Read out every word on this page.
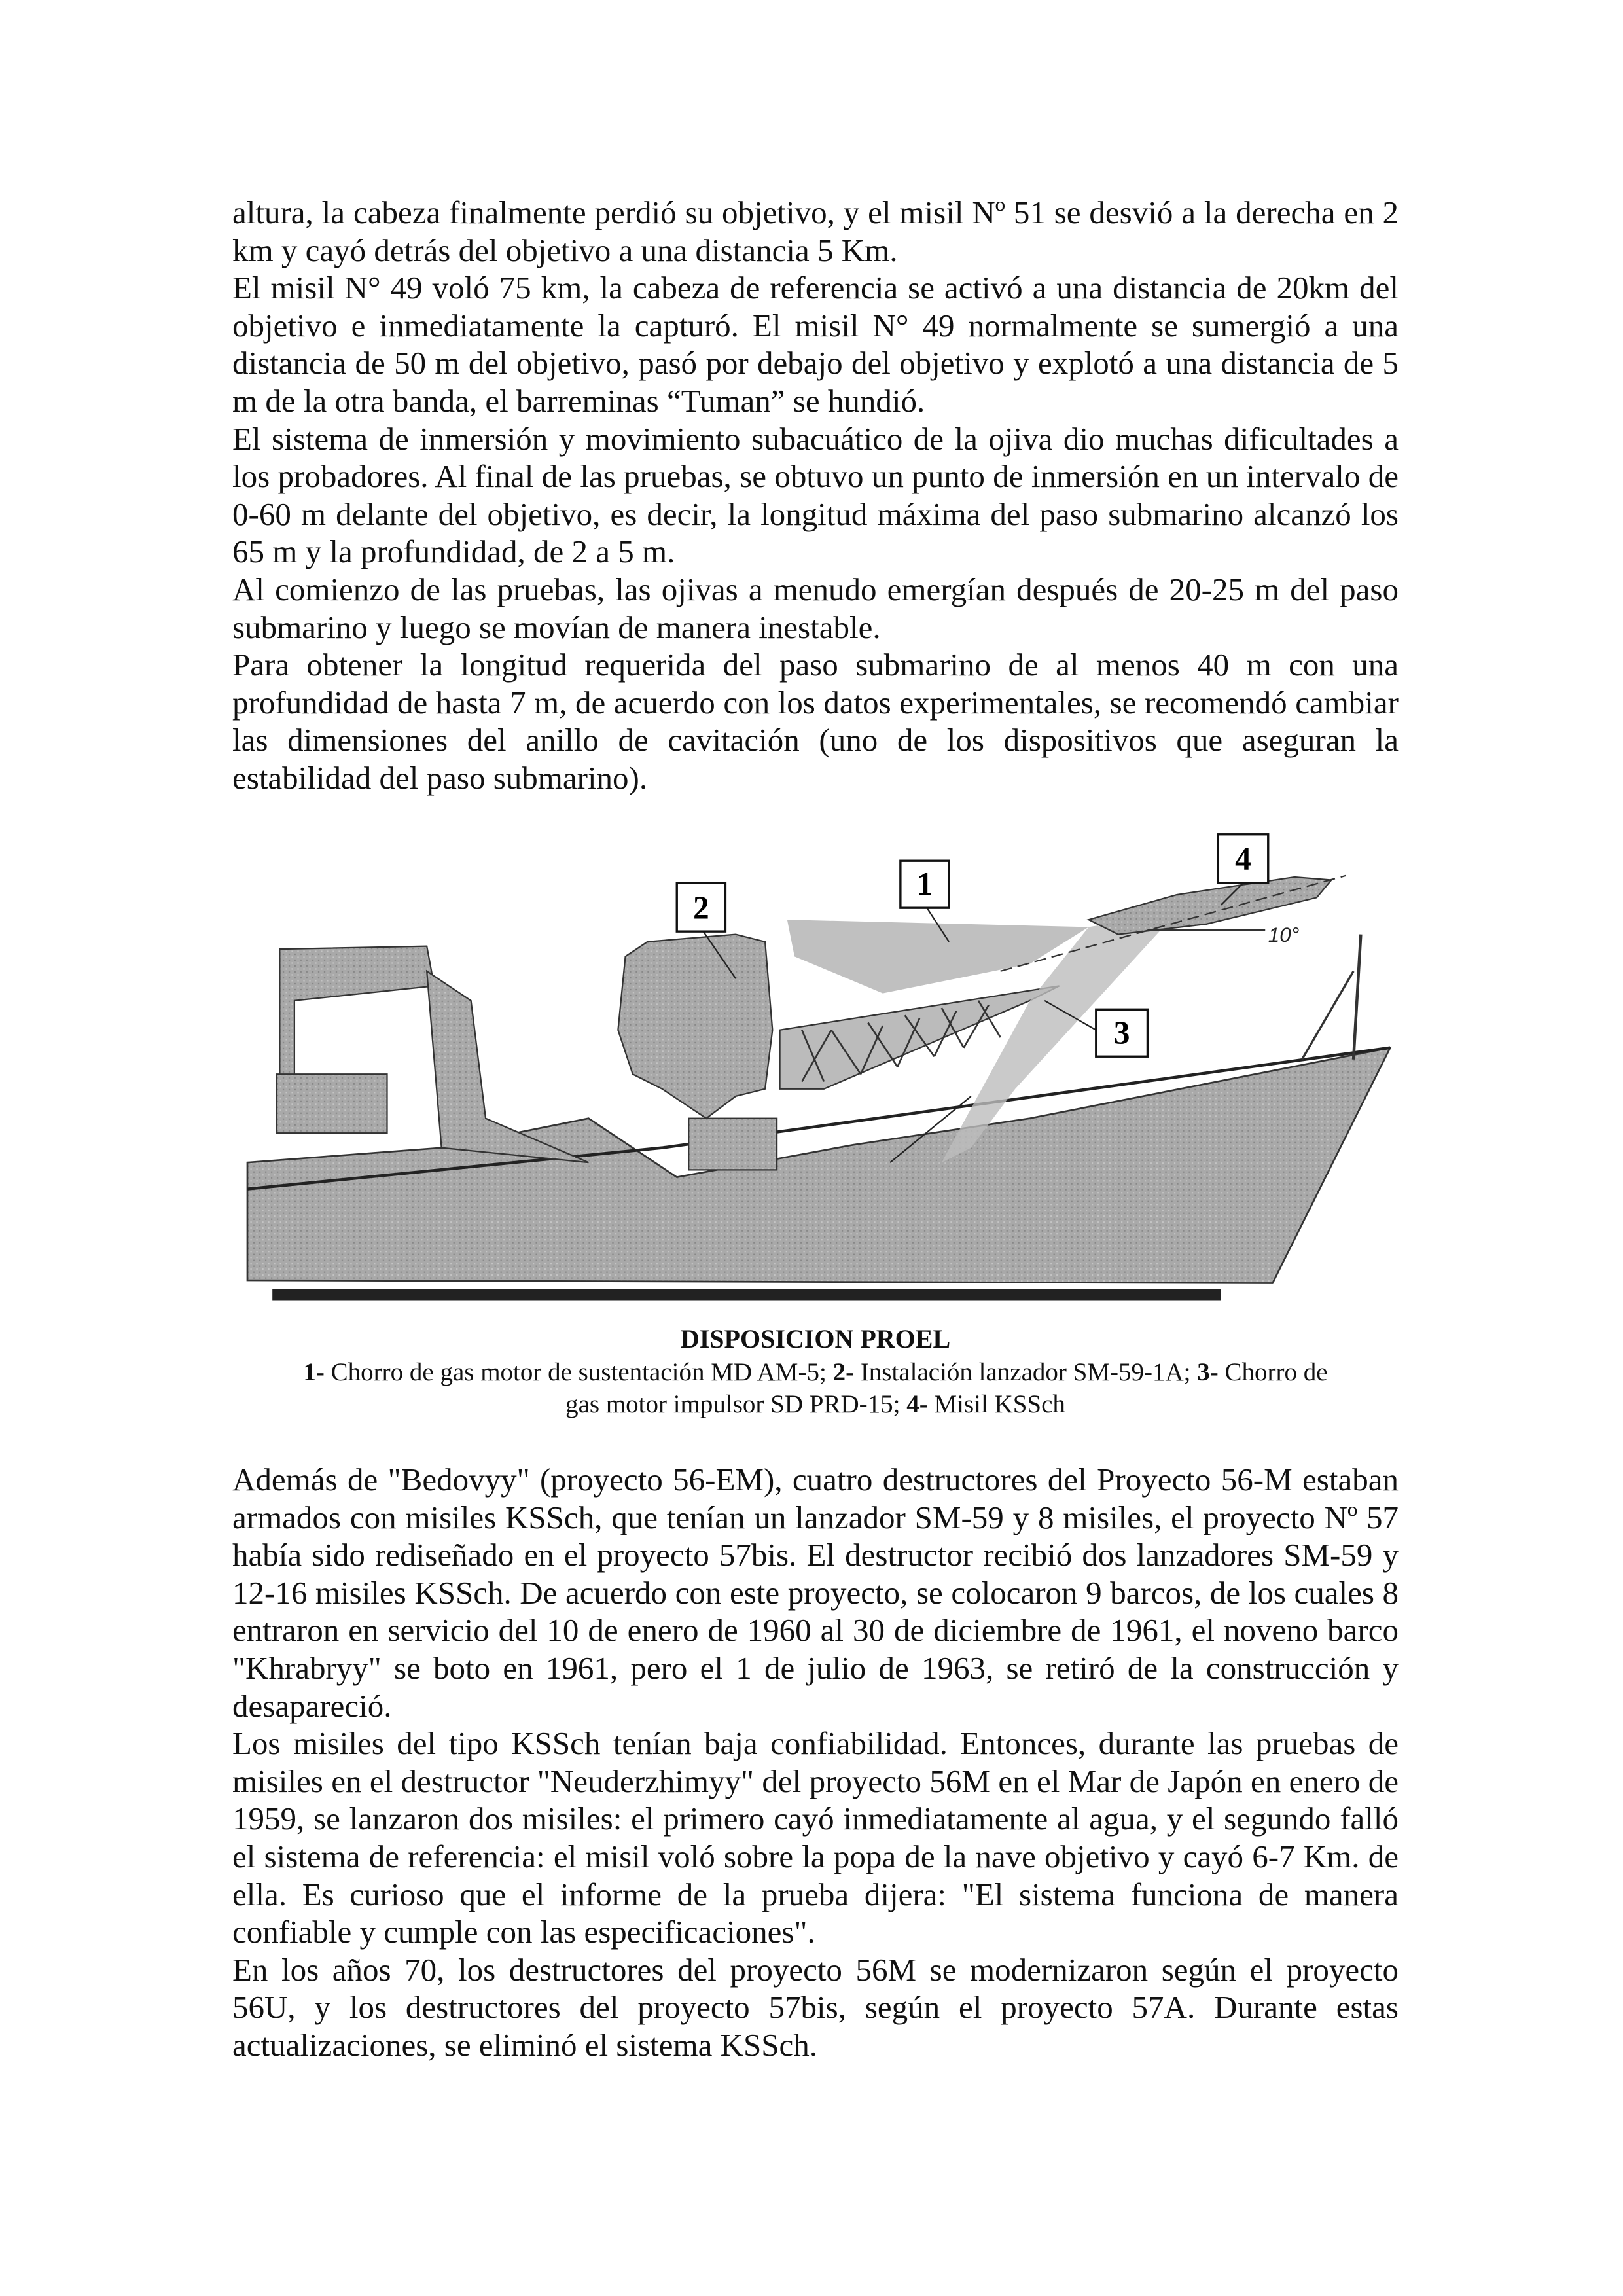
altura, la cabeza finalmente perdió su objetivo, y el misil Nº 51 se desvió a la derecha en 2 km y cayó detrás del objetivo a una distancia 5 Km.

El misil N° 49 voló 75 km, la cabeza de referencia se activó a una distancia de 20km del objetivo e inmediatamente la capturó. El misil N° 49 normalmente se sumergió a una distancia de 50 m del objetivo, pasó por debajo del objetivo y explotó a una distancia de 5 m de la otra banda, el barreminas “Tuman” se hundió.

El sistema de inmersión y movimiento subacuático de la ojiva dio muchas dificultades a los probadores. Al final de las pruebas, se obtuvo un punto de inmersión en un intervalo de 0-60 m delante del objetivo, es decir, la longitud máxima del paso submarino alcanzó los 65 m y la profundidad, de 2 a 5 m.

Al comienzo de las pruebas, las ojivas a menudo emergían después de 20-25 m del paso submarino y luego se movían de manera inestable.

Para obtener la longitud requerida del paso submarino de al menos 40 m con una profundidad de hasta 7 m, de acuerdo con los datos experimentales, se recomendó cambiar las dimensiones del anillo de cavitación (uno de los dispositivos que aseguran la estabilidad del paso submarino).

10°
2
1
4
3
DISPOSICION PROEL
1- Chorro de gas motor de sustentación MD AM-5; 2- Instalación lanzador SM-59-1A; 3- Chorro de gas motor impulsor SD PRD-15; 4- Misil KSSch

Además de "Bedovyy" (proyecto 56-EM), cuatro destructores del Proyecto 56-M estaban armados con misiles KSSch, que tenían un lanzador SM-59 y 8 misiles, el proyecto Nº 57 había sido rediseñado en el proyecto 57bis. El destructor recibió dos lanzadores SM-59 y 12-16 misiles KSSch. De acuerdo con este proyecto, se colocaron 9 barcos, de los cuales 8 entraron en servicio del 10 de enero de 1960 al 30 de diciembre de 1961, el noveno barco "Khrabryy" se boto en 1961, pero el 1 de julio de 1963, se retiró de la construcción y desapareció.

Los misiles del tipo KSSch tenían baja confiabilidad. Entonces, durante las pruebas de misiles en el destructor "Neuderzhimyy" del proyecto 56M en el Mar de Japón en enero de 1959, se lanzaron dos misiles: el primero cayó inmediatamente al agua, y el segundo falló el sistema de referencia: el misil voló sobre la popa de la nave objetivo y cayó 6-7 Km. de ella. Es curioso que el informe de la prueba dijera: "El sistema funciona de manera confiable y cumple con las especificaciones".

En los años 70, los destructores del proyecto 56M se modernizaron según el proyecto 56U, y los destructores del proyecto 57bis, según el proyecto 57A. Durante estas actualizaciones, se eliminó el sistema KSSch.
